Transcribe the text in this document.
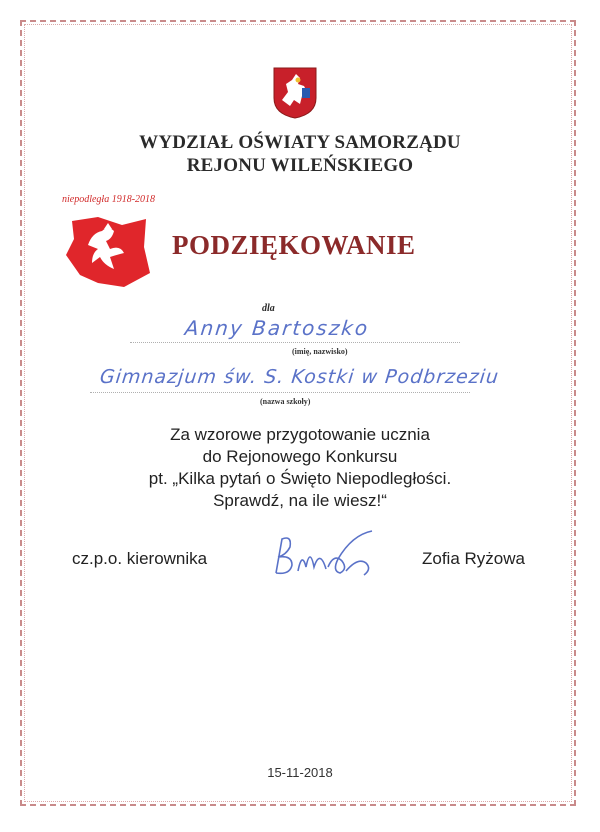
WYDZIAŁ OŚWIATY SAMORZĄDU
REJONU WILEŃSKIEGO
niepodległa 1918-2018
PODZIĘKOWANIE
dla
Anny Bartoszko
(imię, nazwisko)
Gimnazjum św. S. Kostki w Podbrzeziu
(nazwa szkoły)
Za wzorowe przygotowanie ucznia
do Rejonowego Konkursu
pt. „Kilka pytań o Święto Niepodległości.
Sprawdź, na ile wiesz!“
cz.p.o. kierownika	Zofia Ryżowa
15-11-2018
